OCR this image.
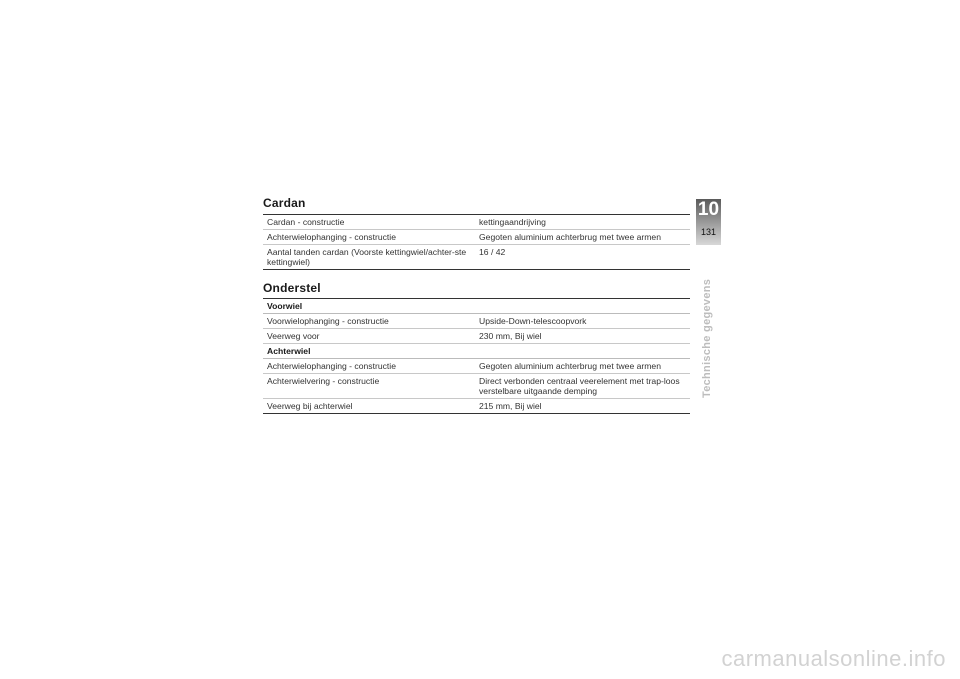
Cardan
Cardan - constructie	kettingaandrijving
Achterwielophanging - constructie	Gegoten aluminium achterbrug met twee armen
Aantal tanden cardan (Voorste kettingwiel/achter-ste kettingwiel)	16 / 42
Onderstel
Voorwiel	
Voorwielophanging - constructie	Upside-Down-telescoopvork
Veerweg voor	230 mm, Bij wiel
Achterwiel	
Achterwielophanging - constructie	Gegoten aluminium achterbrug met twee armen
Achterwielvering - constructie	Direct verbonden centraal veerelement met trap-loos verstelbare uitgaande demping
Veerweg bij achterwiel	215 mm, Bij wiel
10
131
Technische gegevens
carmanualsonline.info
